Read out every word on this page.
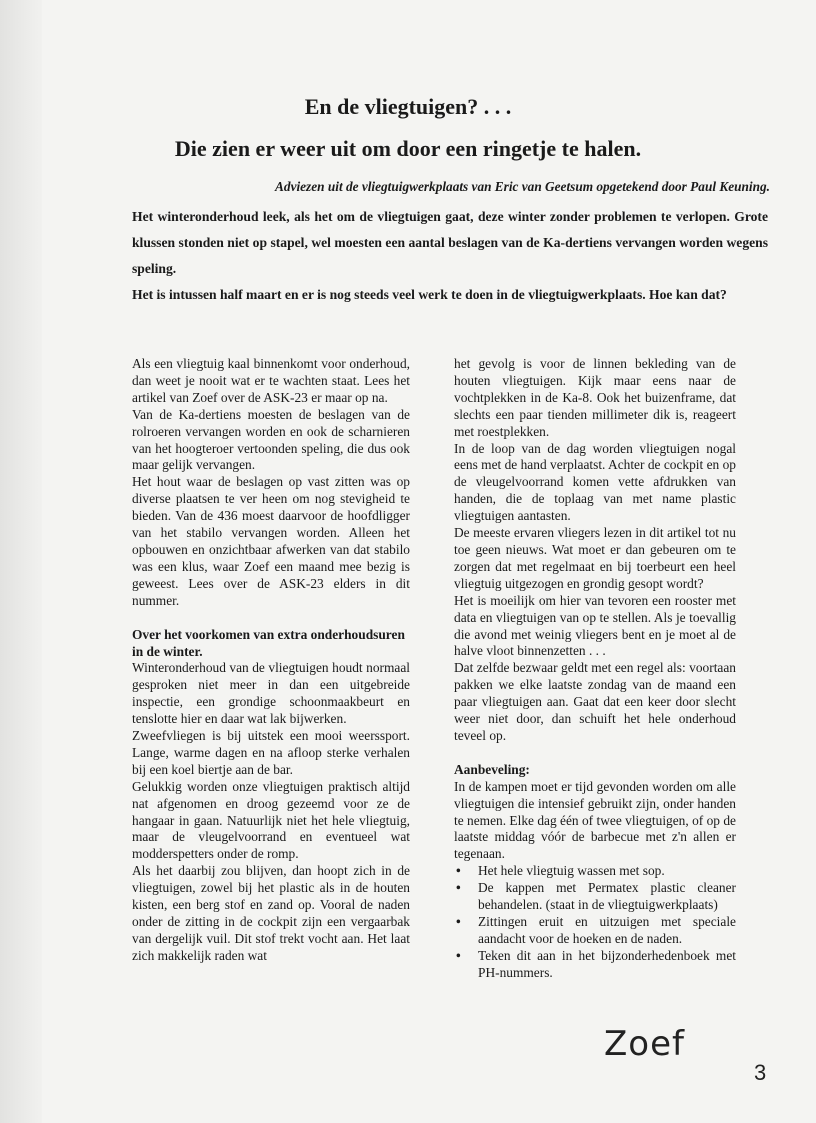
En de vliegtuigen? . . .
Die zien er weer uit om door een ringetje te halen.
Adviezen uit de vliegtuigwerkplaats van Eric van Geetsum opgetekend door Paul Keuning.

Het winteronderhoud leek, als het om de vliegtuigen gaat, deze winter zonder problemen te verlopen. Grote klussen stonden niet op stapel, wel moesten een aantal beslagen van de Ka-dertiens vervangen worden wegens speling.

Het is intussen half maart en er is nog steeds veel werk te doen in de vliegtuigwerkplaats. Hoe kan dat?

Als een vliegtuig kaal binnenkomt voor onderhoud, dan weet je nooit wat er te wachten staat. Lees het artikel van Zoef over de ASK-23 er maar op na.

Van de Ka-dertiens moesten de beslagen van de rolroeren vervangen worden en ook de scharnieren van het hoogteroer vertoonden speling, die dus ook maar gelijk vervangen.

Het hout waar de beslagen op vast zitten was op diverse plaatsen te ver heen om nog stevigheid te bieden. Van de 436 moest daarvoor de hoofdligger van het stabilo vervangen worden. Alleen het opbouwen en onzichtbaar afwerken van dat stabilo was een klus, waar Zoef een maand mee bezig is geweest. Lees over de ASK-23 elders in dit nummer.

Over het voorkomen van extra onderhoudsuren in de winter.

Winteronderhoud van de vliegtuigen houdt normaal gesproken niet meer in dan een uitgebreide inspectie, een grondige schoonmaakbeurt en tenslotte hier en daar wat lak bijwerken.

Zweefvliegen is bij uitstek een mooi weerssport. Lange, warme dagen en na afloop sterke verhalen bij een koel biertje aan de bar.

Gelukkig worden onze vliegtuigen praktisch altijd nat afgenomen en droog gezeemd voor ze de hangaar in gaan. Natuurlijk niet het hele vliegtuig, maar de vleugelvoorrand en eventueel wat modderspetters onder de romp.

Als het daarbij zou blijven, dan hoopt zich in de vliegtuigen, zowel bij het plastic als in de houten kisten, een berg stof en zand op. Vooral de naden onder de zitting in de cockpit zijn een vergaarbak van dergelijk vuil. Dit stof trekt vocht aan. Het laat zich makkelijk raden wat

het gevolg is voor de linnen bekleding van de houten vliegtuigen. Kijk maar eens naar de vochtplekken in de Ka-8. Ook het buizenframe, dat slechts een paar tienden millimeter dik is, reageert met roestplekken.

In de loop van de dag worden vliegtuigen nogal eens met de hand verplaatst. Achter de cockpit en op de vleugelvoorrand komen vette afdrukken van handen, die de toplaag van met name plastic vliegtuigen aantasten.

De meeste ervaren vliegers lezen in dit artikel tot nu toe geen nieuws. Wat moet er dan gebeuren om te zorgen dat met regelmaat en bij toerbeurt een heel vliegtuig uitgezogen en grondig gesopt wordt?

Het is moeilijk om hier van tevoren een rooster met data en vliegtuigen van op te stellen. Als je toevallig die avond met weinig vliegers bent en je moet al de halve vloot binnenzetten . . .

Dat zelfde bezwaar geldt met een regel als: voortaan pakken we elke laatste zondag van de maand een paar vliegtuigen aan. Gaat dat een keer door slecht weer niet door, dan schuift het hele onderhoud teveel op.

Aanbeveling:

In de kampen moet er tijd gevonden worden om alle vliegtuigen die intensief gebruikt zijn, onder handen te nemen. Elke dag één of twee vliegtuigen, of op de laatste middag vóór de barbecue met z'n allen er tegenaan.

• Het hele vliegtuig wassen met sop.
• De kappen met Permatex plastic cleaner behandelen. (staat in de vliegtuigwerkplaats)
• Zittingen eruit en uitzuigen met speciale aandacht voor de hoeken en de naden.
• Teken dit aan in het bijzonderhedenboek met PH-nummers.
Zoef
3
